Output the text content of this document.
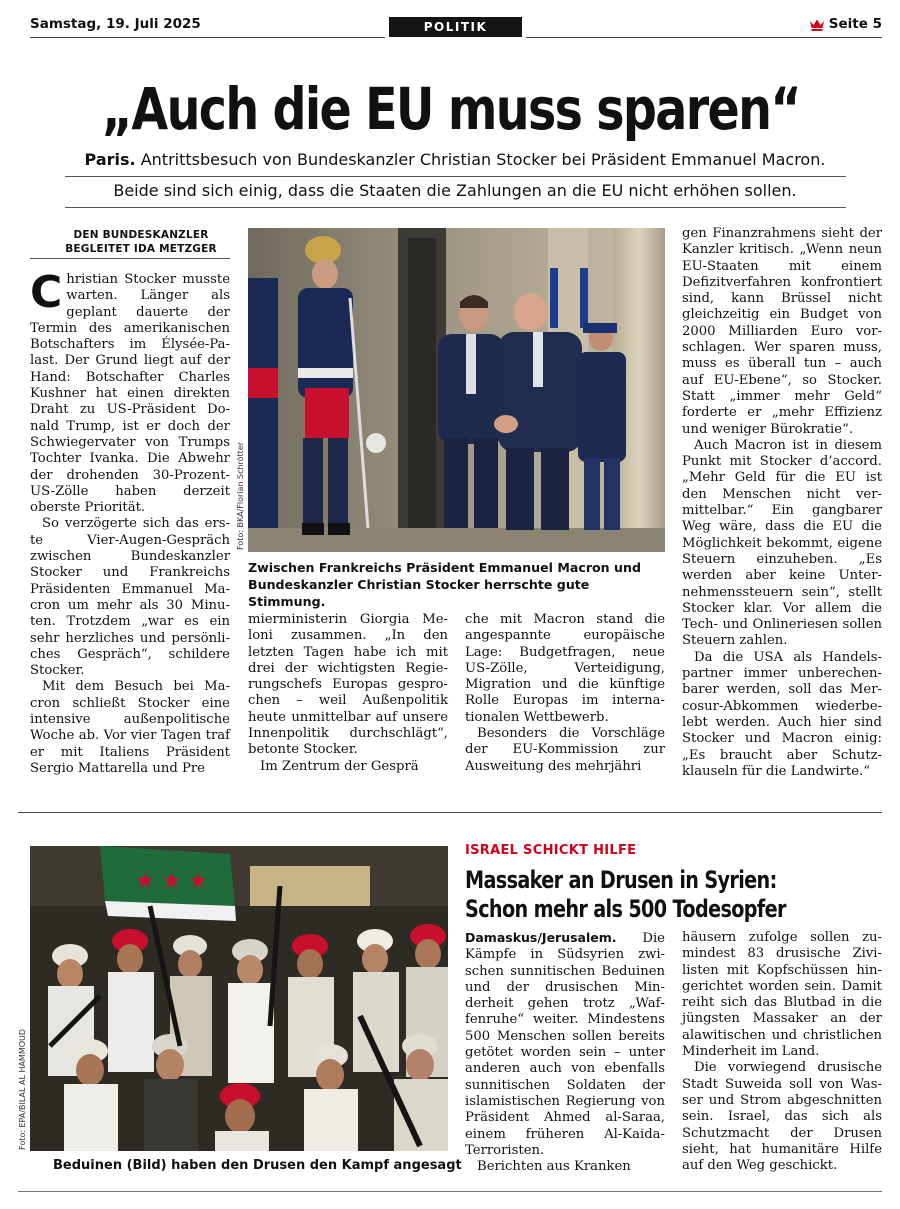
Samstag, 19. Juli 2025	POLITIK	Seite 5
„Auch die EU muss sparen“
Paris. Antrittsbesuch von Bundeskanzler Christian Stocker bei Präsident Emmanuel Macron.
Beide sind sich einig, dass die Staaten die Zahlungen an die EU nicht erhöhen sollen.
DEN BUNDESKANZLER
BEGLEITET IDA METZGER

Christian Stocker musste warten. Länger als geplant dauerte der Termin des amerikanischen Botschafters im Élysée-Palast. Der Grund liegt auf der Hand: Botschafter Charles Kushner hat einen direkten Draht zu US-Präsident Donald Trump, ist er doch der Schwiegervater von Trumps Tochter Ivanka. Die Abwehr der drohenden 30-Prozent-US-Zölle haben derzeit oberste Priorität.

So verzögerte sich das erste Vier-Augen-Gespräch zwischen Bundeskanzler Stocker und Frankreichs Präsidenten Emmanuel Macron um mehr als 30 Minuten. Trotzdem „war es ein sehr herzliches und persönliches Gespräch“, schildere Stocker.

Mit dem Besuch bei Macron schließt Stocker eine intensive außenpolitische Woche ab. Vor vier Tagen traf er mit Italiens Präsident Sergio Mattarella und Pre

Foto: BKA/Florian Schrötter
Zwischen Frankreichs Präsident Emmanuel Macron und
Bundeskanzler Christian Stocker herrschte gute Stimmung.

mierministerin Giorgia Meloni zusammen. „In den letzten Tagen habe ich mit drei der wichtigsten Regierungschefs Europas gesprochen – weil Außenpolitik heute unmittelbar auf unsere Innenpolitik durchschlägt“, betonte Stocker.

Im Zentrum der Gesprä

che mit Macron stand die angespannte europäische Lage: Budgetfragen, neue US-Zölle, Verteidigung, Migration und die künftige Rolle Europas im internationalen Wettbewerb.

Besonders die Vorschläge der EU-Kommission zur Ausweitung des mehrjähri

gen Finanzrahmens sieht der Kanzler kritisch. „Wenn neun EU-Staaten mit einem Defizitverfahren konfrontiert sind, kann Brüssel nicht gleichzeitig ein Budget von 2000 Milliarden Euro vorschlagen. Wer sparen muss, muss es überall tun – auch auf EU-Ebene“, so Stocker. Statt „immer mehr Geld“ forderte er „mehr Effizienz und weniger Bürokratie“.

Auch Macron ist in diesem Punkt mit Stocker d’accord. „Mehr Geld für die EU ist den Menschen nicht vermittelbar.“ Ein gangbarer Weg wäre, dass die EU die Möglichkeit bekommt, eigene Steuern einzuheben. „Es werden aber keine Unternehmenssteuern sein“, stellt Stocker klar. Vor allem die Tech- und Onlineriesen sollen Steuern zahlen.

Da die USA als Handelspartner immer unberechenbarer werden, soll das Mercosur-Abkommen wiederbelebt werden. Auch hier sind Stocker und Macron einig: „Es braucht aber Schutzklauseln für die Landwirte.“

★ ★ ★
Foto: EPA/BILAL AL HAMMOUD
Beduinen (Bild) haben den Drusen den Kampf angesagt
ISRAEL SCHICKT HILFE
Massaker an Drusen in Syrien:
Schon mehr als 500 Todesopfer

Damaskus/Jerusalem. Die Kämpfe in Südsyrien zwischen sunnitischen Beduinen und der drusischen Minderheit gehen trotz „Waffenruhe“ weiter. Mindestens 500 Menschen sollen bereits getötet worden sein – unter anderen auch von ebenfalls sunnitischen Soldaten der islamistischen Regierung von Präsident Ahmed al-Saraa, einem früheren Al-Kaida-Terroristen.

Berichten aus Kranken

häusern zufolge sollen zumindest 83 drusische Zivilisten mit Kopfschüssen hingerichtet worden sein. Damit reiht sich das Blutbad in die jüngsten Massaker an der alawitischen und christlichen Minderheit im Land.

Die vorwiegend drusische Stadt Suweida soll von Wasser und Strom abgeschnitten sein. Israel, das sich als Schutzmacht der Drusen sieht, hat humanitäre Hilfe auf den Weg geschickt.
